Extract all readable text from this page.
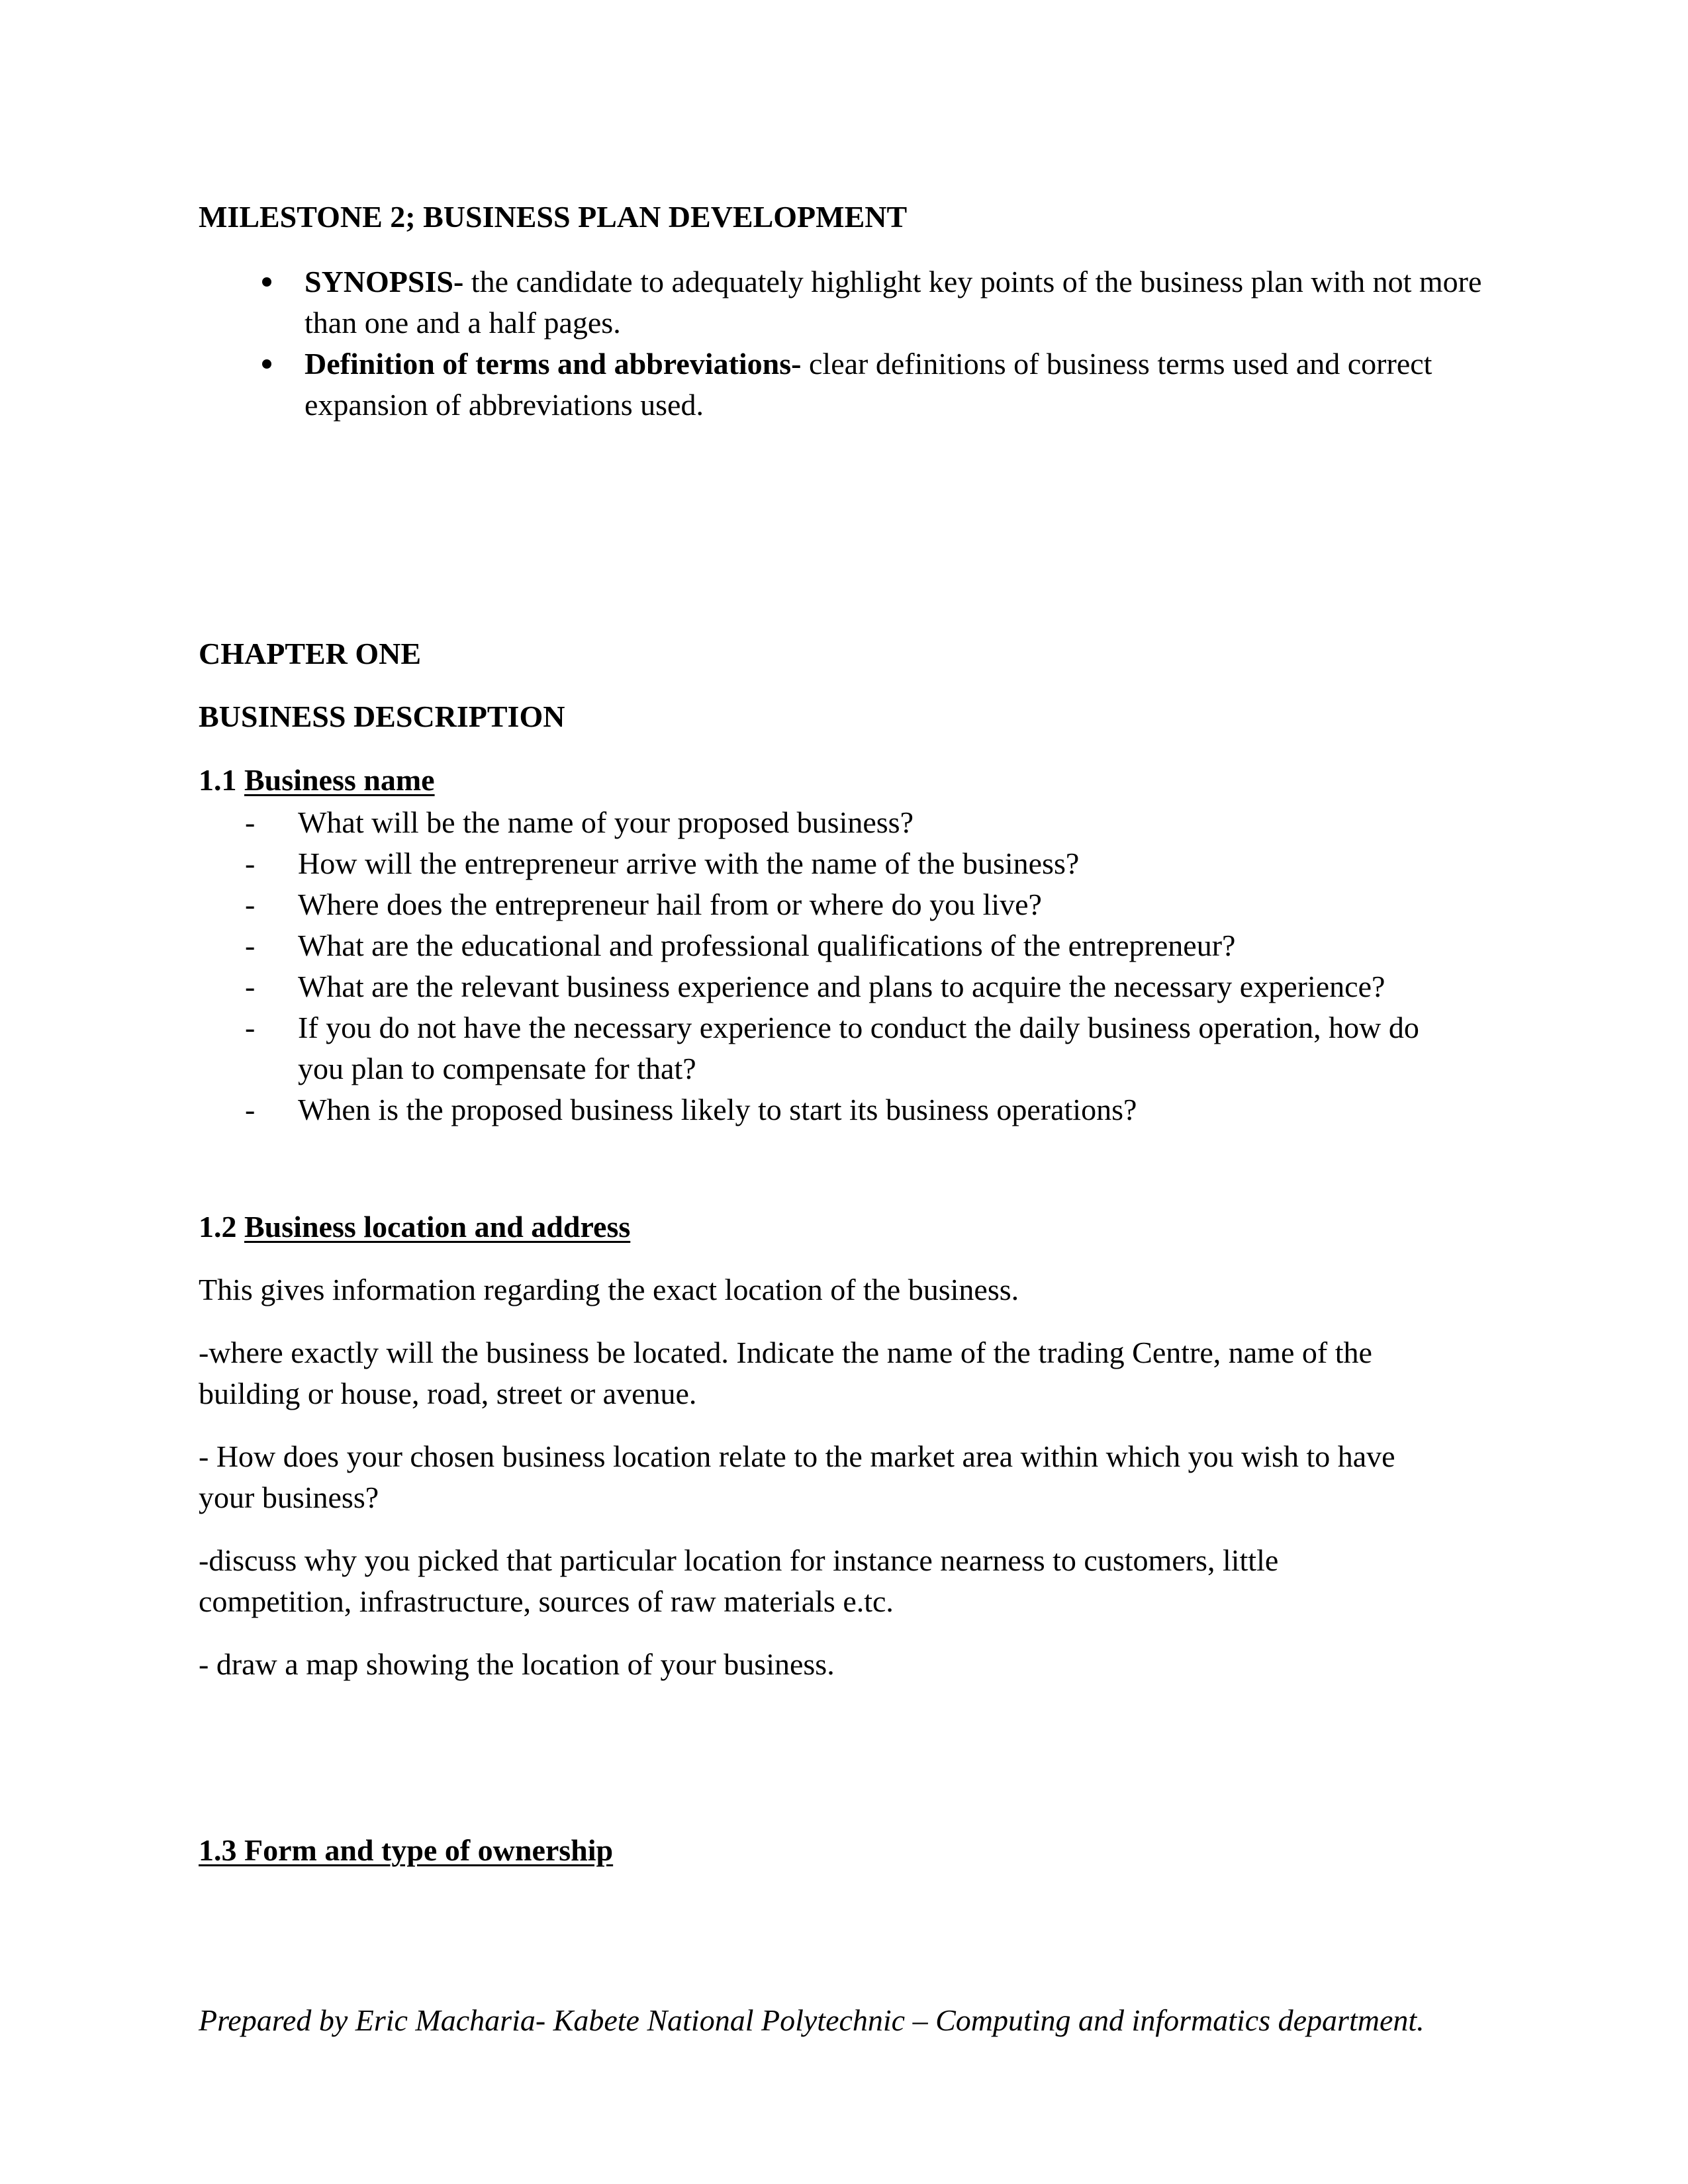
MILESTONE 2; BUSINESS PLAN DEVELOPMENT
SYNOPSIS- the candidate to adequately highlight key points of the business plan with not more than one and a half pages.
Definition of terms and abbreviations- clear definitions of business terms used and correct expansion of abbreviations used.
CHAPTER ONE
BUSINESS DESCRIPTION
1.1 Business name
- What will be the name of your proposed business?
- How will the entrepreneur arrive with the name of the business?
- Where does the entrepreneur hail from or where do you live?
- What are the educational and professional qualifications of the entrepreneur?
- What are the relevant business experience and plans to acquire the necessary experience?
- If you do not have the necessary experience to conduct the daily business operation, how do you plan to compensate for that?
- When is the proposed business likely to start its business operations?
1.2 Business location and address
This gives information regarding the exact location of the business.
-where exactly will the business be located. Indicate the name of the trading Centre, name of the building or house, road, street or avenue.
- How does your chosen business location relate to the market area within which you wish to have your business?
-discuss why you picked that particular location for instance nearness to customers, little competition, infrastructure, sources of raw materials e.tc.
- draw a map showing the location of your business.
1.3 Form and type of ownership
Prepared by Eric Macharia- Kabete National Polytechnic – Computing and informatics department.
